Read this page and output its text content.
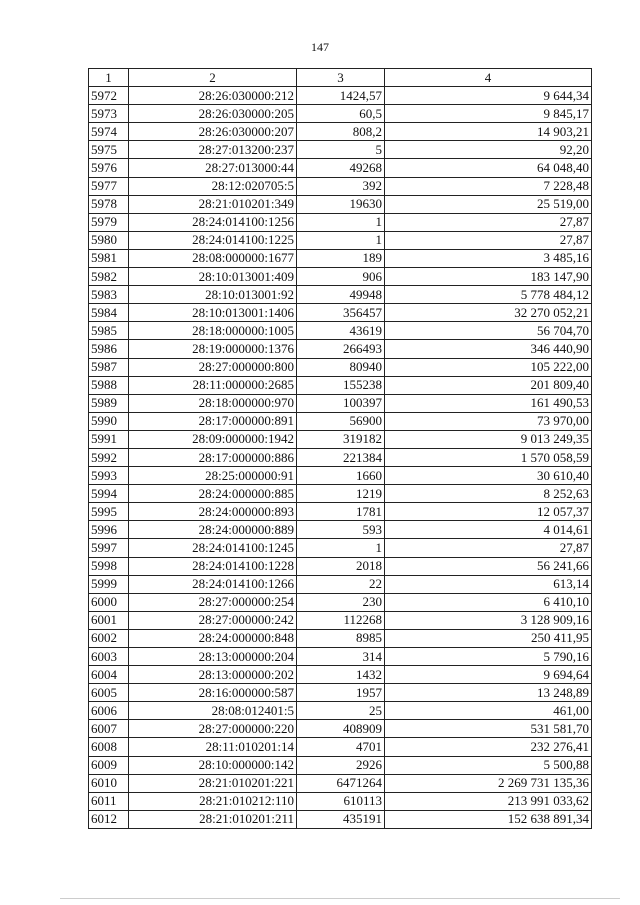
147
1	2	3	4
5972	28:26:030000:212	1424,57	9 644,34
5973	28:26:030000:205	60,5	9 845,17
5974	28:26:030000:207	808,2	14 903,21
5975	28:27:013200:237	5	92,20
5976	28:27:013000:44	49268	64 048,40
5977	28:12:020705:5	392	7 228,48
5978	28:21:010201:349	19630	25 519,00
5979	28:24:014100:1256	1	27,87
5980	28:24:014100:1225	1	27,87
5981	28:08:000000:1677	189	3 485,16
5982	28:10:013001:409	906	183 147,90
5983	28:10:013001:92	49948	5 778 484,12
5984	28:10:013001:1406	356457	32 270 052,21
5985	28:18:000000:1005	43619	56 704,70
5986	28:19:000000:1376	266493	346 440,90
5987	28:27:000000:800	80940	105 222,00
5988	28:11:000000:2685	155238	201 809,40
5989	28:18:000000:970	100397	161 490,53
5990	28:17:000000:891	56900	73 970,00
5991	28:09:000000:1942	319182	9 013 249,35
5992	28:17:000000:886	221384	1 570 058,59
5993	28:25:000000:91	1660	30 610,40
5994	28:24:000000:885	1219	8 252,63
5995	28:24:000000:893	1781	12 057,37
5996	28:24:000000:889	593	4 014,61
5997	28:24:014100:1245	1	27,87
5998	28:24:014100:1228	2018	56 241,66
5999	28:24:014100:1266	22	613,14
6000	28:27:000000:254	230	6 410,10
6001	28:27:000000:242	112268	3 128 909,16
6002	28:24:000000:848	8985	250 411,95
6003	28:13:000000:204	314	5 790,16
6004	28:13:000000:202	1432	9 694,64
6005	28:16:000000:587	1957	13 248,89
6006	28:08:012401:5	25	461,00
6007	28:27:000000:220	408909	531 581,70
6008	28:11:010201:14	4701	232 276,41
6009	28:10:000000:142	2926	5 500,88
6010	28:21:010201:221	6471264	2 269 731 135,36
6011	28:21:010212:110	610113	213 991 033,62
6012	28:21:010201:211	435191	152 638 891,34
